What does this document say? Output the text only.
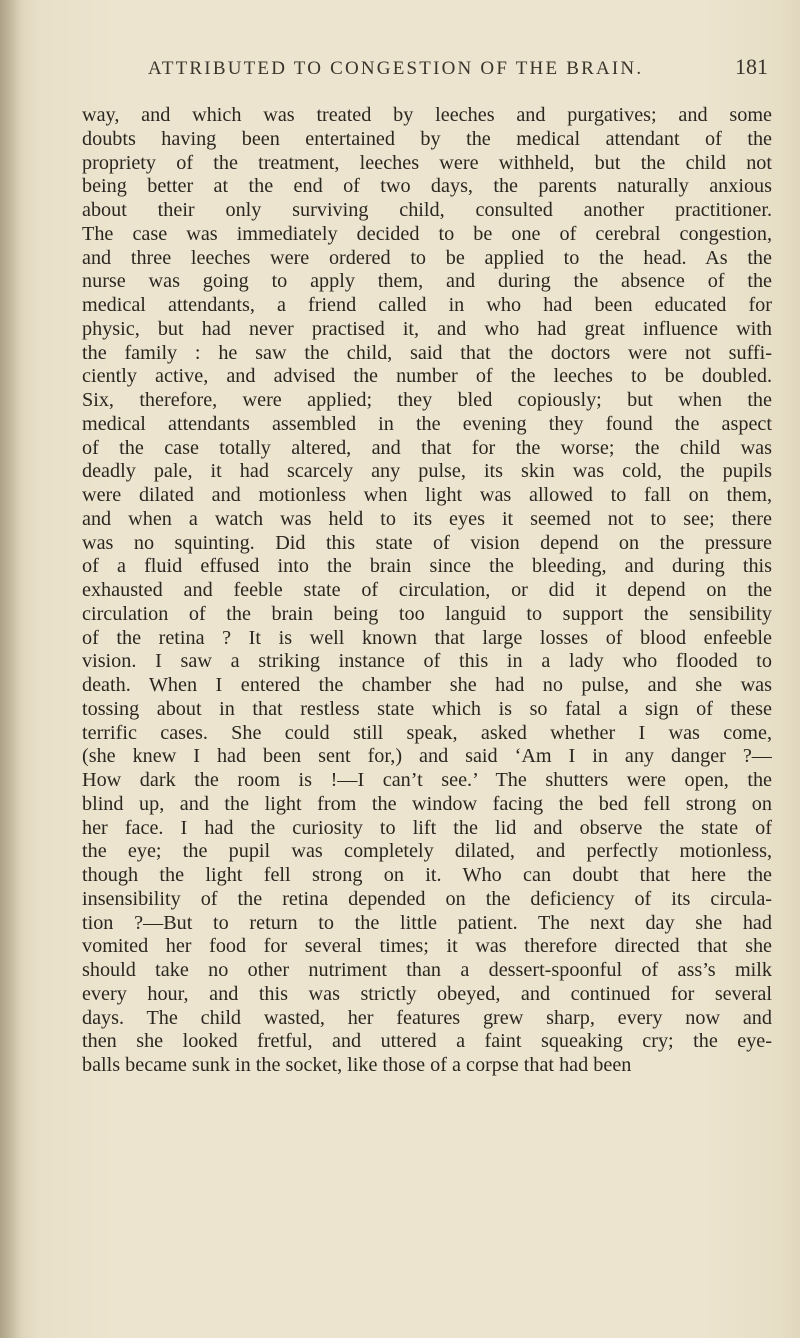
ATTRIBUTED TO CONGESTION OF THE BRAIN.	181
way, and which was treated by leeches and purgatives; and some
doubts having been entertained by the medical attendant of the
propriety of the treatment, leeches were withheld, but the child not
being better at the end of two days, the parents naturally anxious
about their only surviving child, consulted another practitioner.
The case was immediately decided to be one of cerebral congestion,
and three leeches were ordered to be applied to the head. As the
nurse was going to apply them, and during the absence of the
medical attendants, a friend called in who had been educated for
physic, but had never practised it, and who had great influence with
the family : he saw the child, said that the doctors were not suffi-
ciently active, and advised the number of the leeches to be doubled.
Six, therefore, were applied; they bled copiously; but when the
medical attendants assembled in the evening they found the aspect
of the case totally altered, and that for the worse; the child was
deadly pale, it had scarcely any pulse, its skin was cold, the pupils
were dilated and motionless when light was allowed to fall on them,
and when a watch was held to its eyes it seemed not to see; there
was no squinting. Did this state of vision depend on the pressure
of a fluid effused into the brain since the bleeding, and during this
exhausted and feeble state of circulation, or did it depend on the
circulation of the brain being too languid to support the sensibility
of the retina ? It is well known that large losses of blood enfeeble
vision. I saw a striking instance of this in a lady who flooded to
death. When I entered the chamber she had no pulse, and she was
tossing about in that restless state which is so fatal a sign of these
terrific cases. She could still speak, asked whether I was come,
(she knew I had been sent for,) and said ‘Am I in any danger ?—
How dark the room is !—I can’t see.’ The shutters were open, the
blind up, and the light from the window facing the bed fell strong on
her face. I had the curiosity to lift the lid and observe the state of
the eye; the pupil was completely dilated, and perfectly motionless,
though the light fell strong on it. Who can doubt that here the
insensibility of the retina depended on the deficiency of its circula-
tion ?—But to return to the little patient. The next day she had
vomited her food for several times; it was therefore directed that she
should take no other nutriment than a dessert-spoonful of ass’s milk
every hour, and this was strictly obeyed, and continued for several
days. The child wasted, her features grew sharp, every now and
then she looked fretful, and uttered a faint squeaking cry; the eye-
balls became sunk in the socket, like those of a corpse that had been
